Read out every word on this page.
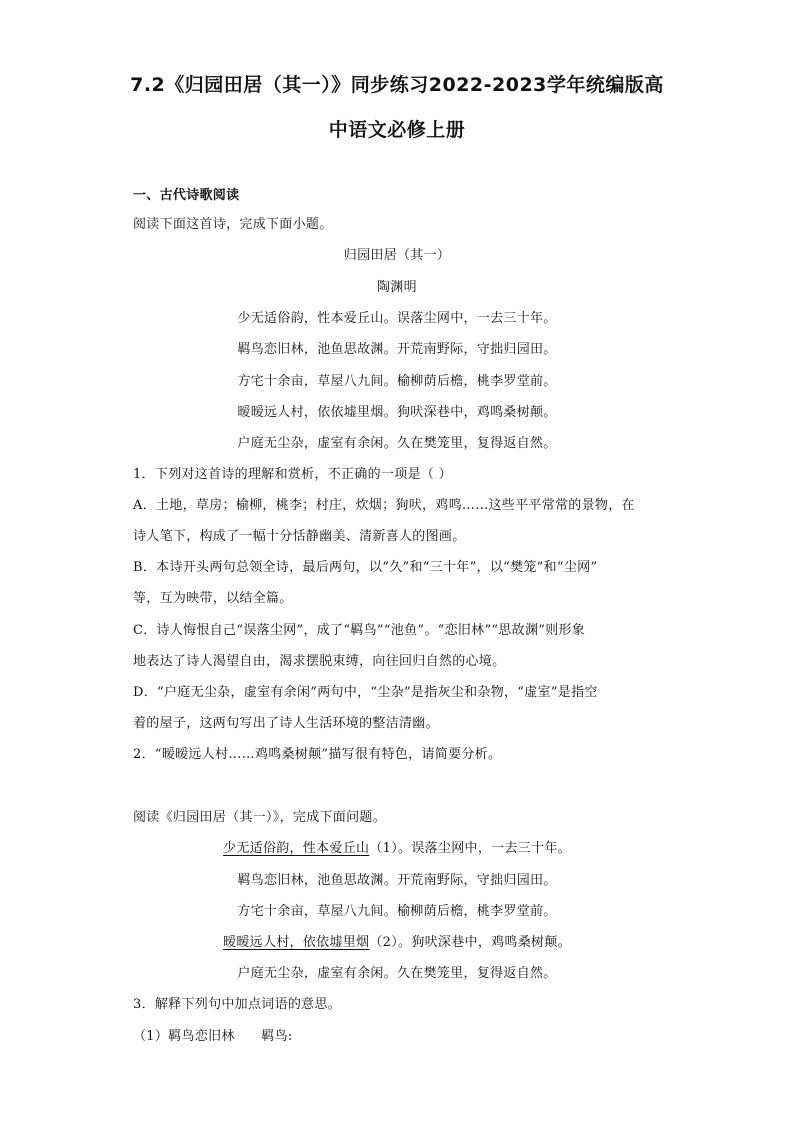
7.2《归园田居（其一）》同步练习2022-2023学年统编版高
中语文必修上册
一、古代诗歌阅读
阅读下面这首诗，完成下面小题。
归园田居（其一）
陶渊明
少无适俗韵，性本爱丘山。误落尘网中，一去三十年。
羁鸟恋旧林，池鱼思故渊。开荒南野际，守拙归园田。
方宅十余亩，草屋八九间。榆柳荫后檐，桃李罗堂前。
暧暧远人村，依依墟里烟。狗吠深巷中，鸡鸣桑树颠。
户庭无尘杂，虚室有余闲。久在樊笼里，复得返自然。
1．下列对这首诗的理解和赏析，不正确的一项是（ ）
A．土地，草房；榆柳，桃李；村庄，炊烟；狗吠，鸡鸣……这些平平常常的景物，在
诗人笔下，构成了一幅十分恬静幽美、清新喜人的图画。
B．本诗开头两句总领全诗，最后两句，以“久”和“三十年”，以“樊笼”和“尘网”
等，互为映带，以结全篇。
C．诗人悔恨自己“误落尘网”，成了“羁鸟”“池鱼”。“恋旧林”“思故渊”则形象
地表达了诗人渴望自由，渴求摆脱束缚，向往回归自然的心境。
D．“户庭无尘杂，虚室有余闲”两句中，“尘杂”是指灰尘和杂物，“虚室”是指空
着的屋子，这两句写出了诗人生活环境的整洁清幽。
2．“暧暧远人村……鸡鸣桑树颠”描写很有特色，请简要分析。
阅读《归园田居（其一）》，完成下面问题。
少无适俗韵，性本爱丘山（1）。误落尘网中，一去三十年。
羁鸟恋旧林，池鱼思故渊。开荒南野际，守拙归园田。
方宅十余亩，草屋八九间。榆柳荫后檐，桃李罗堂前。
暧暧远人村，依依墟里烟（2）。狗吠深巷中，鸡鸣桑树颠。
户庭无尘杂，虚室有余闲。久在樊笼里，复得返自然。
3．解释下列句中加点词语的意思。
（1）羁鸟恋旧林      羁鸟:
